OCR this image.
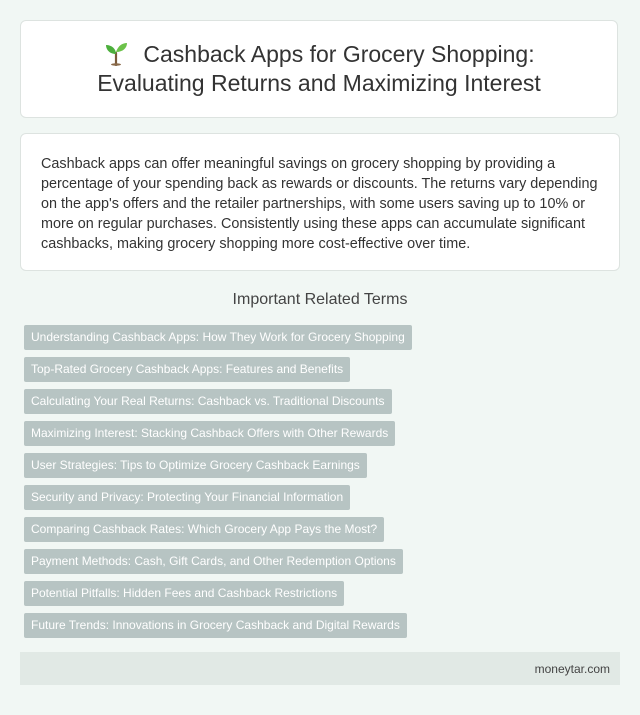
Cashback Apps for Grocery Shopping:
Evaluating Returns and Maximizing Interest

Cashback apps can offer meaningful savings on grocery shopping by providing a percentage of your spending back as rewards or discounts. The returns vary depending on the app's offers and the retailer partnerships, with some users saving up to 10% or more on regular purchases. Consistently using these apps can accumulate significant cashbacks, making grocery shopping more cost-effective over time.

Important Related Terms
Understanding Cashback Apps: How They Work for Grocery Shopping
Top-Rated Grocery Cashback Apps: Features and Benefits
Calculating Your Real Returns: Cashback vs. Traditional Discounts
Maximizing Interest: Stacking Cashback Offers with Other Rewards
User Strategies: Tips to Optimize Grocery Cashback Earnings
Security and Privacy: Protecting Your Financial Information
Comparing Cashback Rates: Which Grocery App Pays the Most?
Payment Methods: Cash, Gift Cards, and Other Redemption Options
Potential Pitfalls: Hidden Fees and Cashback Restrictions
Future Trends: Innovations in Grocery Cashback and Digital Rewards
moneytar.com
